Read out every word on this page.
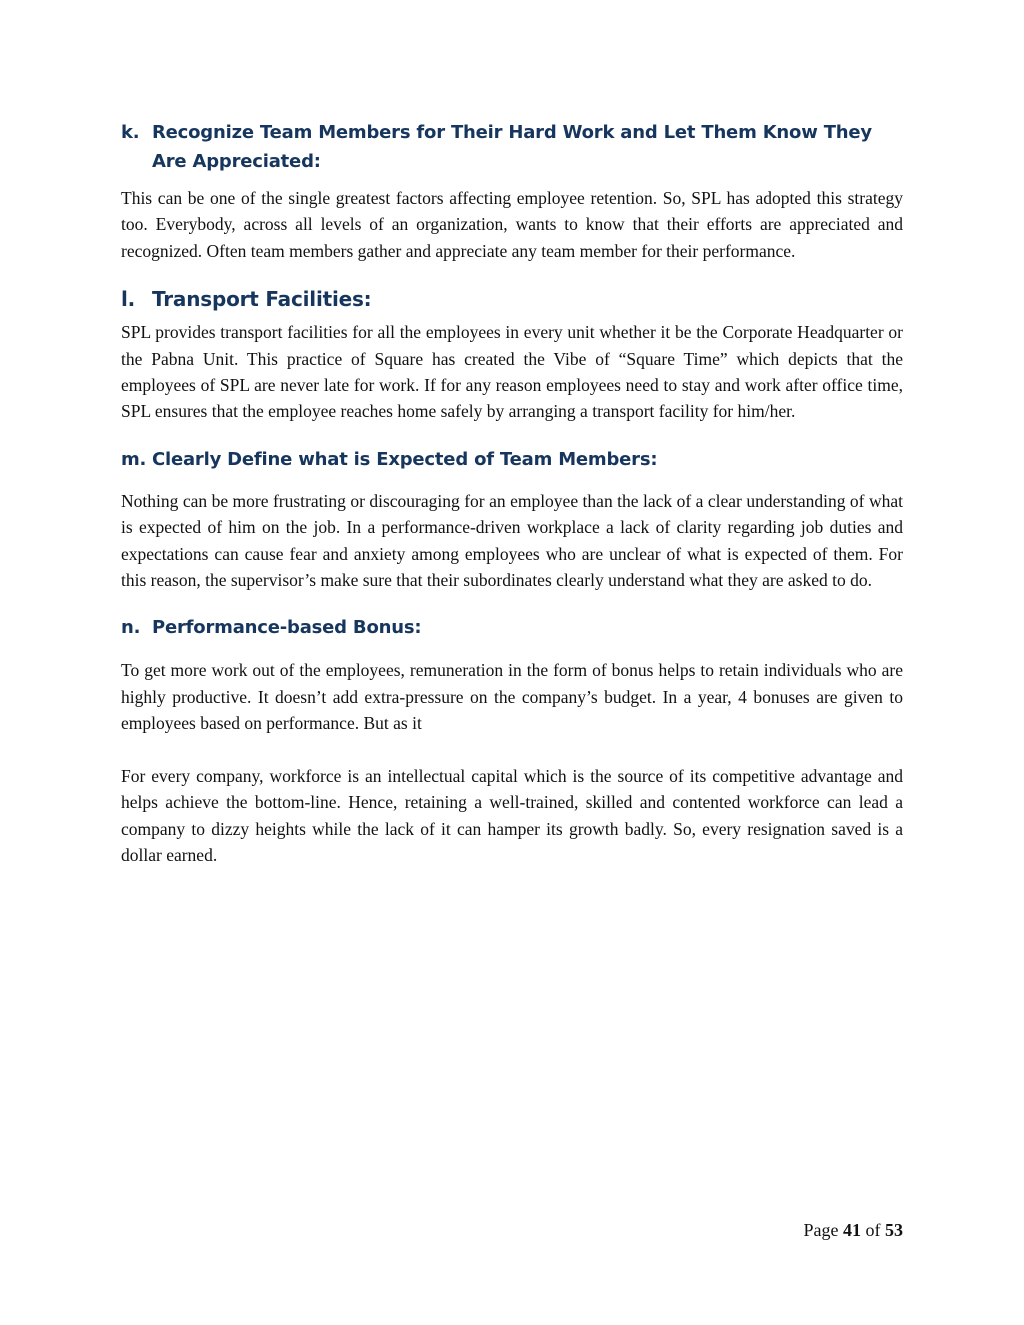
k. Recognize Team Members for Their Hard Work and Let Them Know They Are Appreciated:

This can be one of the single greatest factors affecting employee retention. So, SPL has adopted this strategy too. Everybody, across all levels of an organization, wants to know that their efforts are appreciated and recognized. Often team members gather and appreciate any team member for their performance.

l. Transport Facilities:

SPL provides transport facilities for all the employees in every unit whether it be the Corporate Headquarter or the Pabna Unit. This practice of Square has created the Vibe of “Square Time” which depicts that the employees of SPL are never late for work. If for any reason employees need to stay and work after office time, SPL ensures that the employee reaches home safely by arranging a transport facility for him/her.

m. Clearly Define what is Expected of Team Members:

Nothing can be more frustrating or discouraging for an employee than the lack of a clear understanding of what is expected of him on the job. In a performance-driven workplace a lack of clarity regarding job duties and expectations can cause fear and anxiety among employees who are unclear of what is expected of them. For this reason, the supervisor’s make sure that their subordinates clearly understand what they are asked to do.

n. Performance-based Bonus:

To get more work out of the employees, remuneration in the form of bonus helps to retain individuals who are highly productive. It doesn’t add extra-pressure on the company’s budget. In a year, 4 bonuses are given to employees based on performance. But as it

For every company, workforce is an intellectual capital which is the source of its competitive advantage and helps achieve the bottom-line. Hence, retaining a well-trained, skilled and contented workforce can lead a company to dizzy heights while the lack of it can hamper its growth badly. So, every resignation saved is a dollar earned.

Page 41 of 53
